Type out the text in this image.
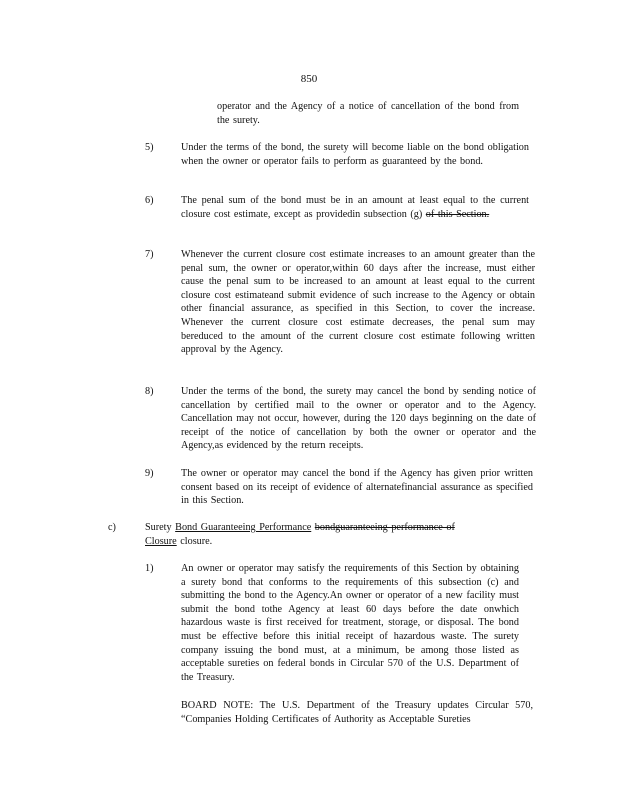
850
operator and the Agency of a notice of cancellation of the bond from the surety.
5)	Under the terms of the bond, the surety will become liable on the bond obligation when the owner or operator fails to perform as guaranteed by the bond.
6)	The penal sum of the bond must be in an amount at least equal to the current closure cost estimate, except as providedin subsection (g) of this Section.
7)	Whenever the current closure cost estimate increases to an amount greater than the penal sum, the owner or operator,within 60 days after the increase, must either cause the penal sum to be increased to an amount at least equal to the current closure cost estimateand submit evidence of such increase to the Agency or obtain other financial assurance, as specified in this Section, to cover the increase. Whenever the current closure cost estimate decreases, the penal sum may bereduced to the amount of the current closure cost estimate following written approval by the Agency.
8)	Under the terms of the bond, the surety may cancel the bond by sending notice of cancellation by certified mail to the owner or operator and to the Agency. Cancellation may not occur, however, during the 120 days beginning on the date of receipt of the notice of cancellation by both the owner or operator and the Agency,as evidenced by the return receipts.
9)	The owner or operator may cancel the bond if the Agency has given prior written consent based on its receipt of evidence of alternatefinancial assurance as specified in this Section.
c)	Surety Bond Guaranteeing Performance bondguaranteeing performance of
Closure closure.
1)	An owner or operator may satisfy the requirements of this Section by obtaining a surety bond that conforms to the requirements of this subsection (c) and submitting the bond to the Agency.An owner or operator of a new facility must submit the bond tothe Agency at least 60 days before the date onwhich hazardous waste is first received for treatment, storage, or disposal. The bond must be effective before this initial receipt of hazardous waste. The surety company issuing the bond must, at a minimum, be among those listed as acceptable sureties on federal bonds in Circular 570 of the U.S. Department of the Treasury.
BOARD NOTE: The U.S. Department of the Treasury updates Circular 570, “Companies Holding Certificates of Authority as Acceptable Sureties
